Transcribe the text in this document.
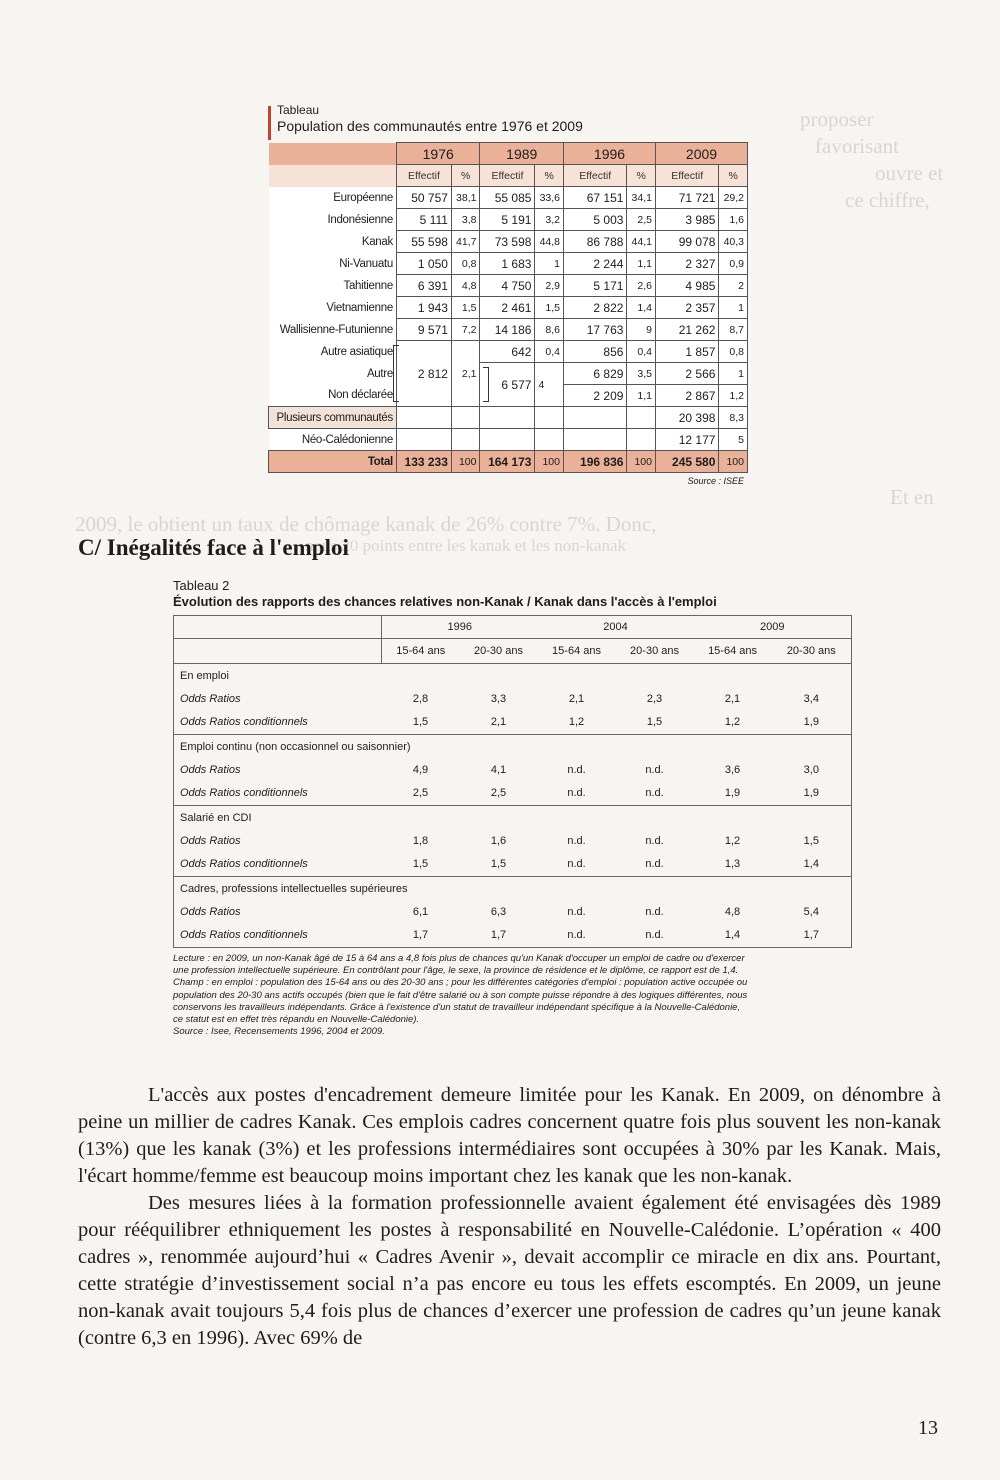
proposer
favorisant
ouvre et
ce chiffre,
Et en
2009, le obtient un taux de chômage kanak de 26% contre 7%. Donc,
nous 20 points entre les kanak et les non-kanak
Tableau
Population des communautés entre 1976 et 2009
	1976		1989		1996		2009	
	Effectif	%	Effectif	%	Effectif	%	Effectif	%
Européenne	50 757	38,1	55 085	33,6	67 151	34,1	71 721	29,2
Indonésienne	5 111	3,8	5 191	3,2	5 003	2,5	3 985	1,6
Kanak	55 598	41,7	73 598	44,8	86 788	44,1	99 078	40,3
Ni-Vanuatu	1 050	0,8	1 683	1	2 244	1,1	2 327	0,9
Tahitienne	6 391	4,8	4 750	2,9	5 171	2,6	4 985	2
Vietnamienne	1 943	1,5	2 461	1,5	2 822	1,4	2 357	1
Wallisienne-Futunienne	9 571	7,2	14 186	8,6	17 763	9	21 262	8,7
Autre asiatique	2 812	2,1	642	0,4	856	0,4	1 857	0,8
Autre			6 577	4	6 829	3,5	2 566	1
Non déclarée					2 209	1,1	2 867	1,2
Plusieurs communautés							20 398	8,3
Néo-Calédonienne							12 177	5
Total	133 233	100	164 173	100	196 836	100	245 580	100
Source : ISEE
C/ Inégalités face à l'emploi
Tableau 2
Évolution des rapports des chances relatives non-Kanak / Kanak dans l'accès à l'emploi
	1996		2004		2009	
	15-64 ans	20-30 ans	15-64 ans	20-30 ans	15-64 ans	20-30 ans
En emploi						
Odds Ratios	2,8	3,3	2,1	2,3	2,1	3,4
Odds Ratios conditionnels	1,5	2,1	1,2	1,5	1,2	1,9
Emploi continu (non occasionnel ou saisonnier)						
Odds Ratios	4,9	4,1	n.d.	n.d.	3,6	3,0
Odds Ratios conditionnels	2,5	2,5	n.d.	n.d.	1,9	1,9
Salarié en CDI						
Odds Ratios	1,8	1,6	n.d.	n.d.	1,2	1,5
Odds Ratios conditionnels	1,5	1,5	n.d.	n.d.	1,3	1,4
Cadres, professions intellectuelles supérieures						
Odds Ratios	6,1	6,3	n.d.	n.d.	4,8	5,4
Odds Ratios conditionnels	1,7	1,7	n.d.	n.d.	1,4	1,7
Lecture : en 2009, un non-Kanak âgé de 15 à 64 ans a 4,8 fois plus de chances qu'un Kanak d'occuper un emploi de cadre ou d'exercer
une profession intellectuelle supérieure. En contrôlant pour l'âge, le sexe, la province de résidence et le diplôme, ce rapport est de 1,4.
Champ : en emploi : population des 15-64 ans ou des 20-30 ans ; pour les différentes catégories d'emploi : population active occupée ou
population des 20-30 ans actifs occupés (bien que le fait d'être salarié ou à son compte puisse répondre à des logiques différentes, nous
conservons les travailleurs indépendants. Grâce à l'existence d'un statut de travailleur indépendant spécifique à la Nouvelle-Calédonie,
ce statut est en effet très répandu en Nouvelle-Calédonie).
Source : Isee, Recensements 1996, 2004 et 2009.

L'accès aux postes d'encadrement demeure limitée pour les Kanak. En 2009, on dénombre à peine un millier de cadres Kanak. Ces emplois cadres concernent quatre fois plus souvent les non-kanak (13%) que les kanak (3%) et les professions intermédiaires sont occupées à 30% par les Kanak. Mais, l'écart homme/femme est beaucoup moins important chez les kanak que les non-kanak.

Des mesures liées à la formation professionnelle avaient également été envisagées dès 1989 pour rééquilibrer ethniquement les postes à responsabilité en Nouvelle-Calédonie. L’opération « 400 cadres », renommée aujourd’hui « Cadres Avenir », devait accomplir ce miracle en dix ans. Pourtant, cette stratégie d’investissement social n’a pas encore eu tous les effets escomptés. En 2009, un jeune non-kanak avait toujours 5,4 fois plus de chances d’exercer une profession de cadres qu’un jeune kanak (contre 6,3 en 1996). Avec 69% de

13
